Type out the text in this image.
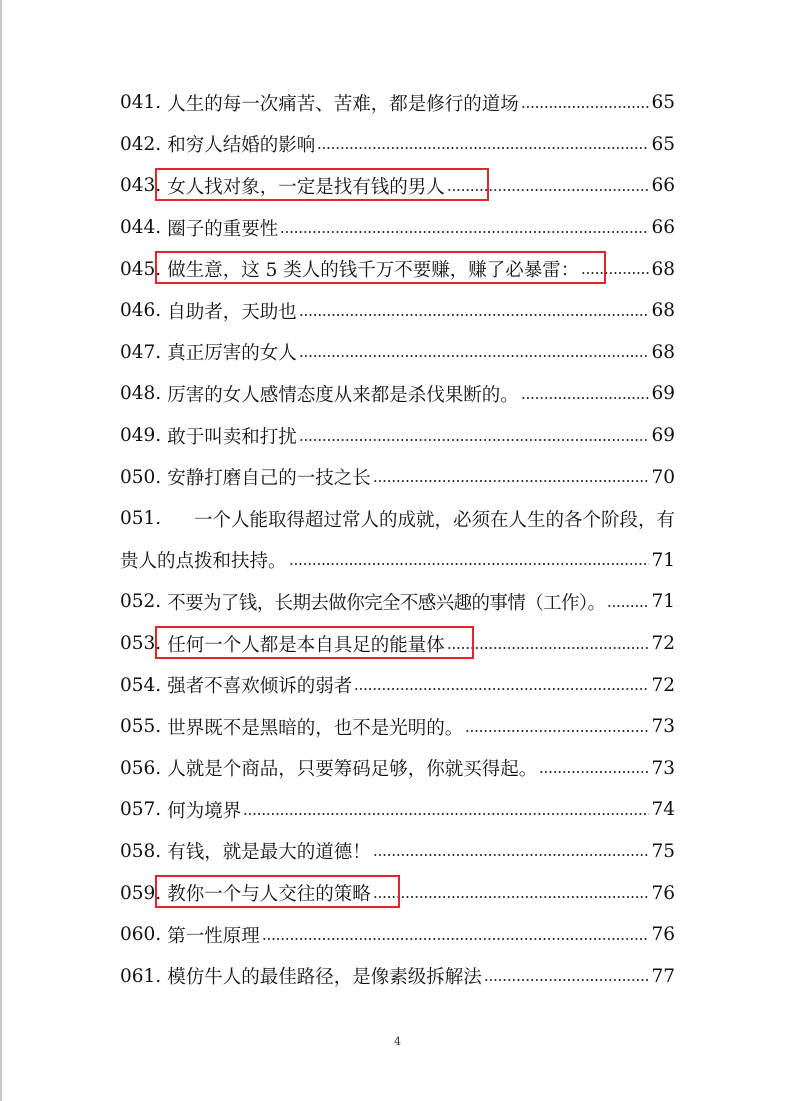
041. 人生的每一次痛苦、苦难，都是修行的道场	65
042. 和穷人结婚的影响	65
043. 女人找对象，一定是找有钱的男人	66
044. 圈子的重要性	66
045. 做生意，这 5 类人的钱千万不要赚，赚了必暴雷：	68
046. 自助者，天助也	68
047. 真正厉害的女人	68
048. 厉害的女人感情态度从来都是杀伐果断的。	69
049. 敢于叫卖和打扰	69
050. 安静打磨自己的一技之长	70
051. 一个人能取得超过常人的成就，必须在人生的各个阶段，有
贵人的点拨和扶持。	71
052. 不要为了钱，长期去做你完全不感兴趣的事情（工作）。 71
053. 任何一个人都是本自具足的能量体	72
054. 强者不喜欢倾诉的弱者	72
055. 世界既不是黑暗的，也不是光明的。	73
056. 人就是个商品，只要筹码足够，你就买得起。	73
057. 何为境界	74
058. 有钱，就是最大的道德！	75
059. 教你一个与人交往的策略	76
060. 第一性原理	76
061. 模仿牛人的最佳路径，是像素级拆解法	77
4
